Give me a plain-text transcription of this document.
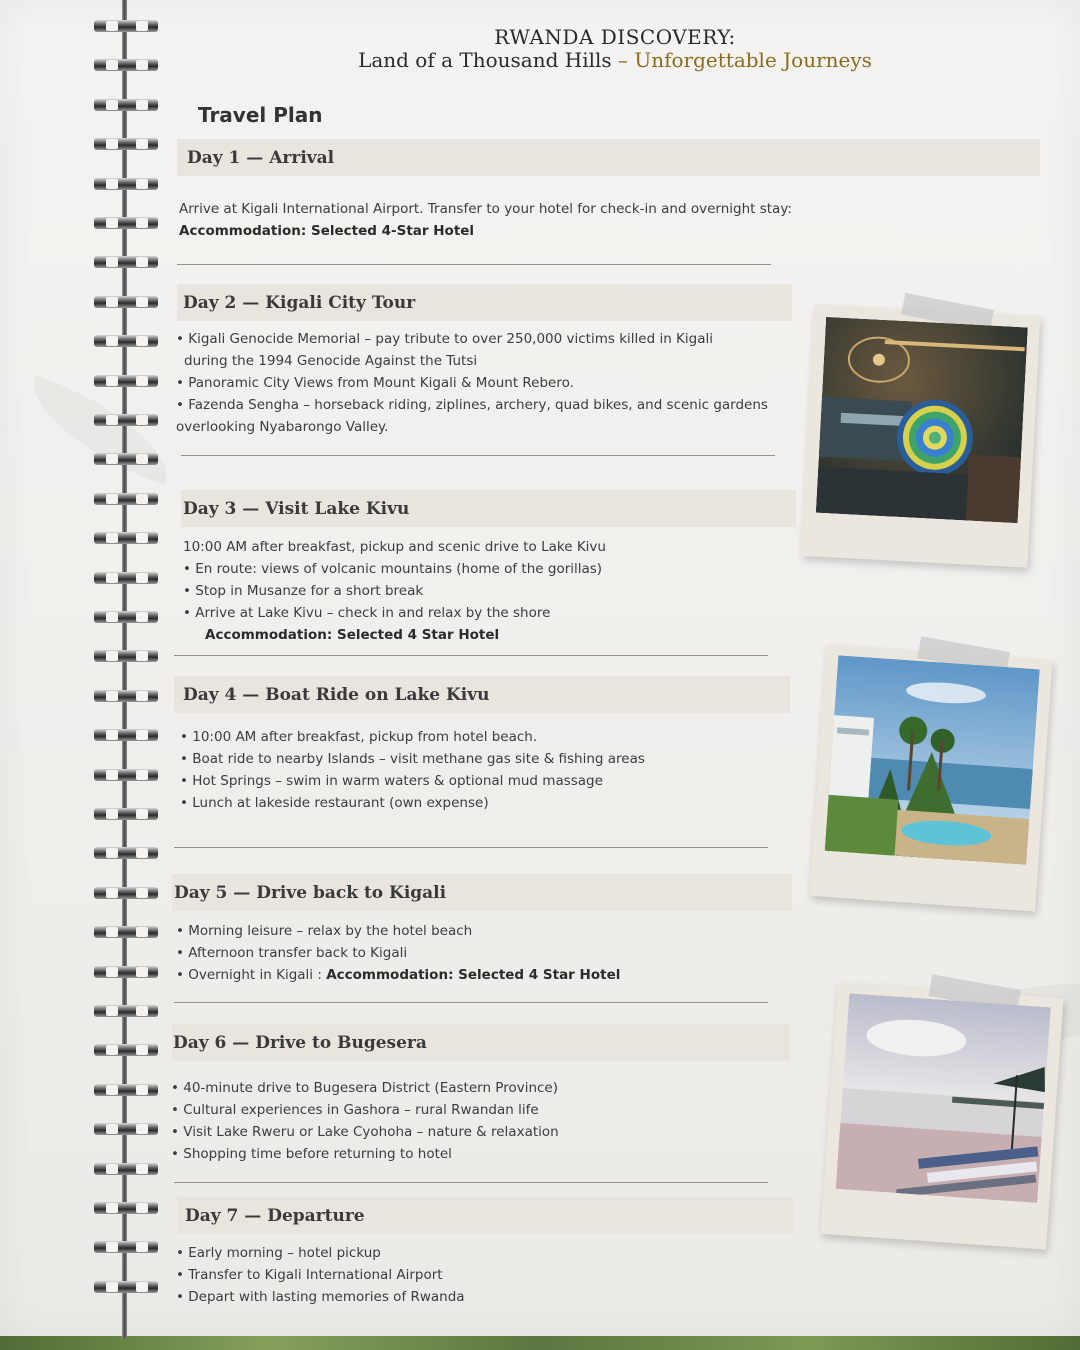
RWANDA DISCOVERY:
Land of a Thousand Hills – Unforgettable Journeys
Travel Plan
Day 1 — Arrival
Arrive at Kigali International Airport. Transfer to your hotel for check-in and overnight stay:
Accommodation: Selected 4-Star Hotel
Day 2 — Kigali City Tour
• Kigali Genocide Memorial – pay tribute to over 250,000 victims killed in Kigali
during the 1994 Genocide Against the Tutsi
• Panoramic City Views from Mount Kigali & Mount Rebero.
• Fazenda Sengha – horseback riding, ziplines, archery, quad bikes, and scenic gardens
overlooking Nyabarongo Valley.
Day 3 — Visit Lake Kivu
10:00 AM after breakfast, pickup and scenic drive to Lake Kivu
• En route: views of volcanic mountains (home of the gorillas)
• Stop in Musanze for a short break
• Arrive at Lake Kivu – check in and relax by the shore
Accommodation: Selected 4 Star Hotel
Day 4 — Boat Ride on Lake Kivu
• 10:00 AM after breakfast, pickup from hotel beach.
• Boat ride to nearby Islands – visit methane gas site & fishing areas
• Hot Springs – swim in warm waters & optional mud massage
• Lunch at lakeside restaurant (own expense)
Day 5 — Drive back to Kigali
• Morning leisure – relax by the hotel beach
• Afternoon transfer back to Kigali
• Overnight in Kigali : Accommodation: Selected 4 Star Hotel
Day 6 — Drive to Bugesera
• 40-minute drive to Bugesera District (Eastern Province)
• Cultural experiences in Gashora – rural Rwandan life
• Visit Lake Rweru or Lake Cyohoha – nature & relaxation
• Shopping time before returning to hotel
Day 7 — Departure
• Early morning – hotel pickup
• Transfer to Kigali International Airport
• Depart with lasting memories of Rwanda
